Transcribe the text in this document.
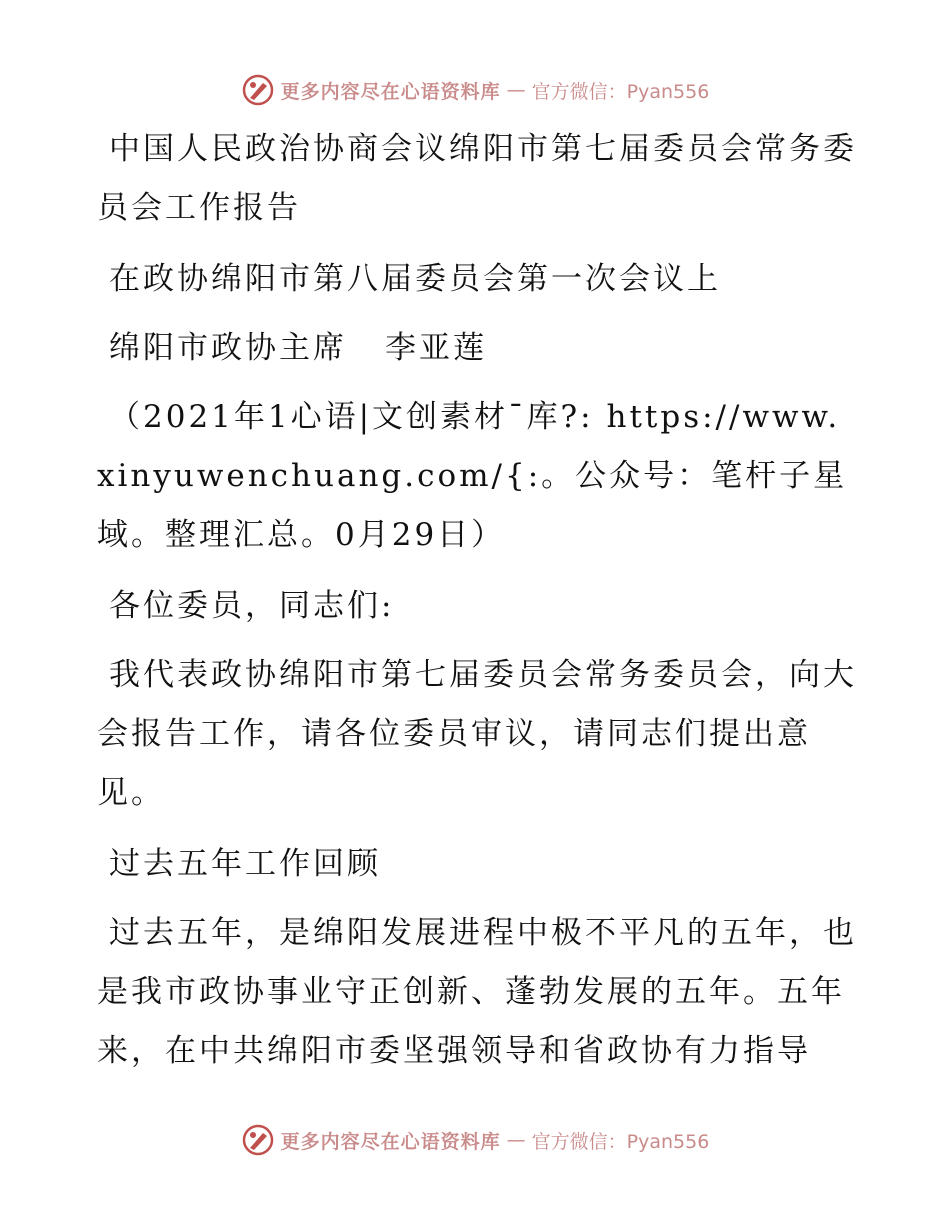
更多内容尽在心语资料库 — 官方微信：Pyan556

中国人民政治协商会议绵阳市第七届委员会常务委员会工作报告

在政协绵阳市第八届委员会第一次会议上

绵阳市政协主席 李亚莲

（2021年1心语|文创素材¯库?: https://www.xinyuwenchuang.com/{:。公众号：笔杆子星域。整理汇总。0月29日）

各位委员，同志们:

我代表政协绵阳市第七届委员会常务委员会，向大会报告工作，请各位委员审议，请同志们提出意见。

过去五年工作回顾

过去五年，是绵阳发展进程中极不平凡的五年，也是我市政协事业守正创新、蓬勃发展的五年。五年来，在中共绵阳市委坚强领导和省政协有力指导

更多内容尽在心语资料库 — 官方微信：Pyan556
